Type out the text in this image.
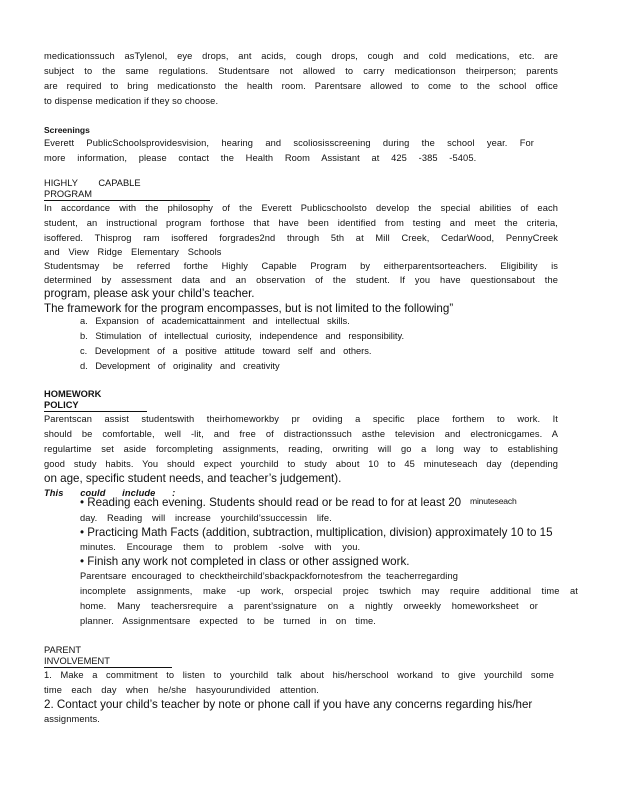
medicationssuch asTylenol, eye drops, ant acids, cough drops, cough and cold medications, etc. are
subject to the same regulations. Studentsare not allowed to carry medicationson theirperson; parents
are required to bring medicationsto the health room. Parentsare allowed to come to the school office
to dispense medication if they so choose.
Screenings
Everett PublicSchoolsprovidesvision, hearing and scoliosisscreening during the school year. For
more information, please contact the Health Room Assistant at 425 -385 -5405.
HIGHLY CAPABLE PROGRAM
In accordance with the philosophy of the Everett Publicschoolsto develop the special abilities of each
student, an instructional program forthose that have been identified from testing and meet the criteria,
isoffered. Thisprog ram isoffered forgrades2nd through 5th at Mill Creek, CedarWood, PennyCreek
and View Ridge Elementary Schools
Studentsmay be referred forthe Highly Capable Program by eitherparentsorteachers. Eligibility is
determined by assessment data and an observation of the student. If you have questionsabout the
program, please ask your child’s teacher.
The framework for the program encompasses, but is not limited to the following”
a. Expansion of academicattainment and intellectual skills.
b. Stimulation of intellectual curiosity, independence and responsibility.
c. Development of a positive attitude toward self and others.
d. Development of originality and creativity
HOMEWORK POLICY
Parentscan assist studentswith theirhomeworkby pr oviding a specific place forthem to work. It
should be comfortable, well -lit, and free of distractionssuch asthe television and electronicgames. A
regulartime set aside forcompleting assignments, reading, orwriting will go a long way to establishing
good study habits. You should expect yourchild to study about 10 to 45 minuteseach day (depending
on age, specific student needs, and teacher’s judgement).
This could include :
• Reading each evening. Students should read or be read to for at least 20 minuteseach
day. Reading will increase yourchild’ssuccessin life.
• Practicing Math Facts (addition, subtraction, multiplication, division) approximately 10 to 15
minutes. Encourage them to problem -solve with you.
• Finish any work not completed in class or other assigned work.
Parentsare encouraged to checktheirchild’sbackpackfornotesfrom the teacherregarding
incomplete assignments, make -up work, orspecial projec tswhich may require additional time at
home. Many teachersrequire a parent’ssignature on a nightly orweekly homeworksheet or
planner. Assignmentsare expected to be turned in on time.
PARENT INVOLVEMENT
1. Make a commitment to listen to yourchild talk about his/herschool workand to give yourchild some
time each day when he/she hasyourundivided attention.
2. Contact your child’s teacher by note or phone call if you have any concerns regarding his/her
assignments.
